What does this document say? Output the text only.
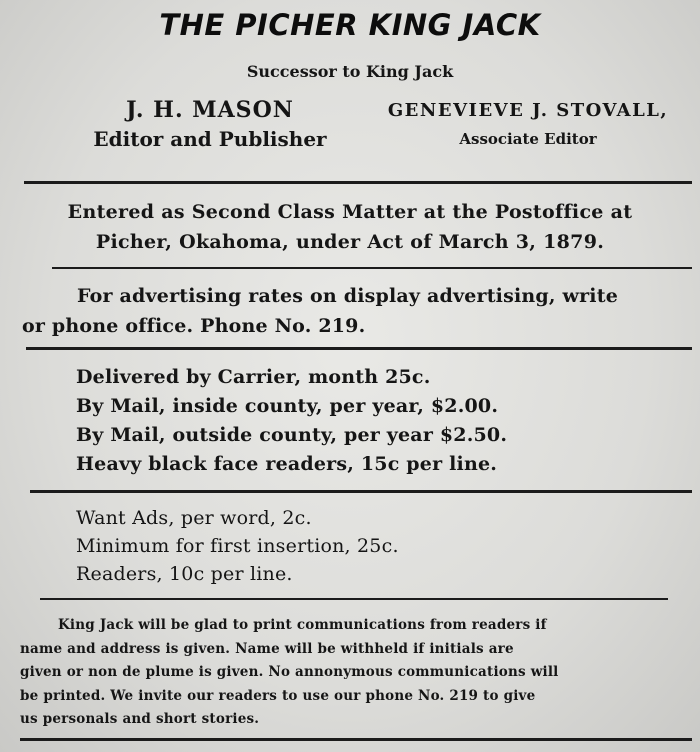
THE PICHER KING JACK
Successor to King Jack
J. H. MASON
Editor and Publisher
GENEVIEVE J. STOVALL,
Associate Editor
Entered as Second Class Matter at the Postoffice at
Picher, Okahoma, under Act of March 3, 1879.
For advertising rates on display advertising, write
or phone office. Phone No. 219.
Delivered by Carrier, month 25c.
By Mail, inside county, per year, $2.00.
By Mail, outside county, per year $2.50.
Heavy black face readers, 15c per line.
Want Ads, per word, 2c.
Minimum for first insertion, 25c.
Readers, 10c per line.
King Jack will be glad to print communications from readers if
name and address is given. Name will be withheld if initials are
given or non de plume is given. No annonymous communications will
be printed. We invite our readers to use our phone No. 219 to give
us personals and short stories.
